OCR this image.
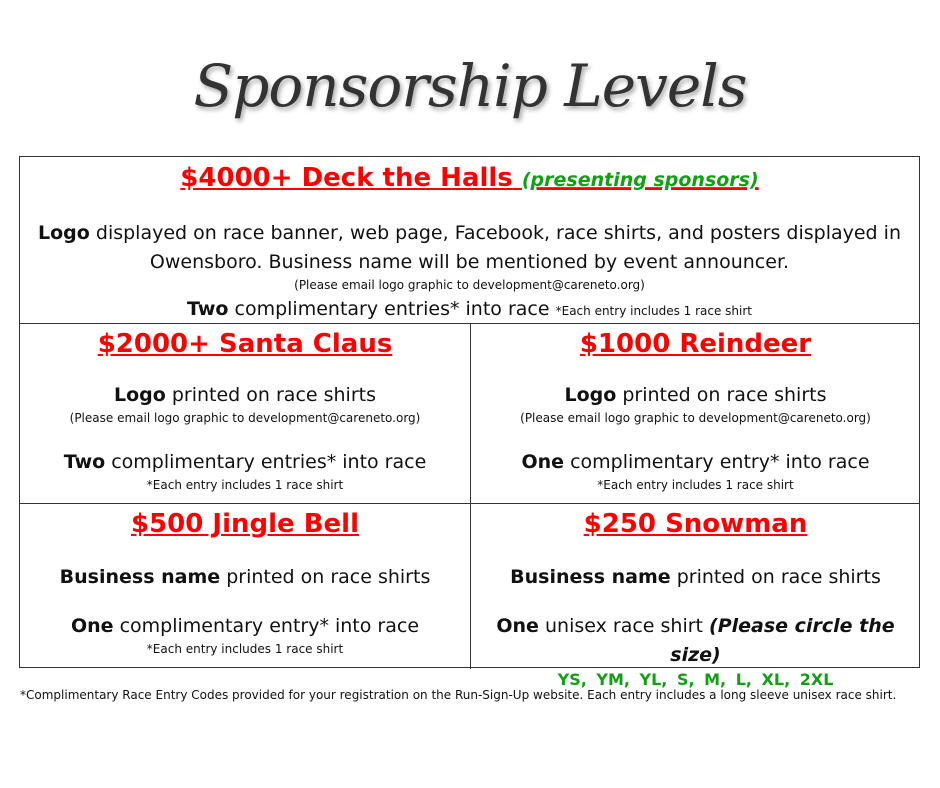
Sponsorship Levels
$4000+ Deck the Halls (presenting sponsors)
Logo displayed on race banner, web page, Facebook, race shirts, and posters displayed in
Owensboro. Business name will be mentioned by event announcer.
(Please email logo graphic to development@careneto.org)
Two complimentary entries* into race *Each entry includes 1 race shirt
$2000+ Santa Claus
Logo printed on race shirts
(Please email logo graphic to development@careneto.org)
Two complimentary entries* into race
*Each entry includes 1 race shirt
$1000 Reindeer
Logo printed on race shirts
(Please email logo graphic to development@careneto.org)
One complimentary entry* into race
*Each entry includes 1 race shirt
$500 Jingle Bell
Business name printed on race shirts
One complimentary entry* into race
*Each entry includes 1 race shirt
$250 Snowman
Business name printed on race shirts
One unisex race shirt (Please circle the size)
YS, YM, YL, S, M, L, XL, 2XL
*Complimentary Race Entry Codes provided for your registration on the Run-Sign-Up website. Each entry includes a long sleeve unisex race shirt.
